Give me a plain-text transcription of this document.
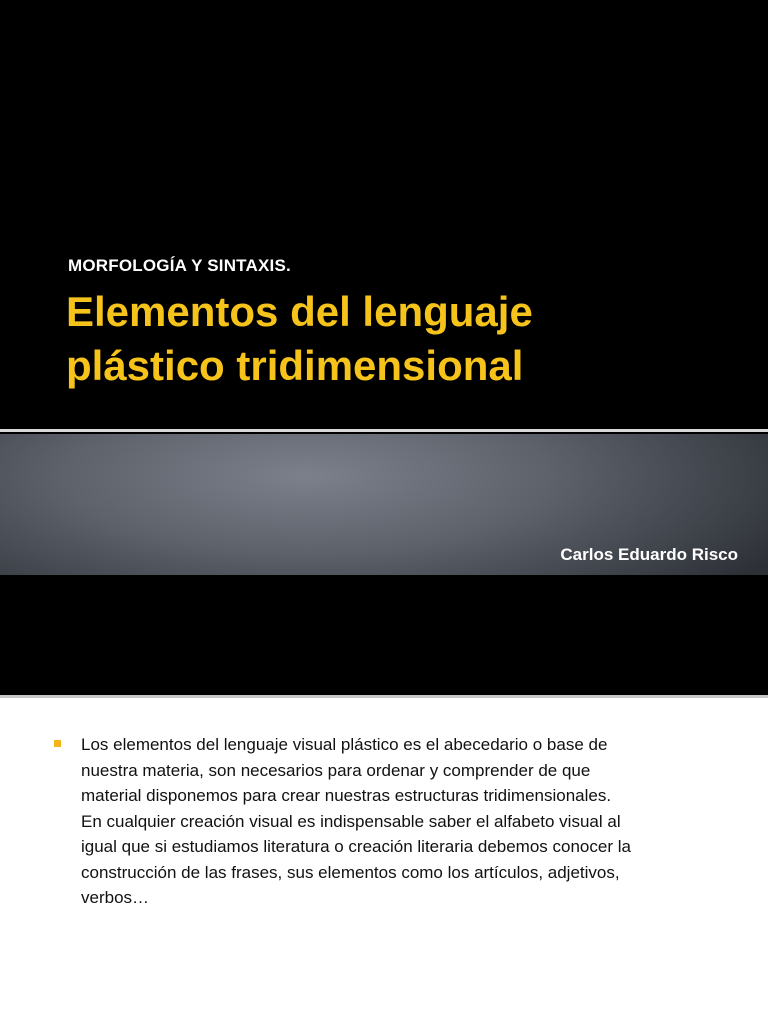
MORFOLOGÍA Y SINTAXIS.
Elementos del lenguaje
plástico tridimensional
Carlos Eduardo Risco

Los elementos del lenguaje visual plástico es el abecedario o base de
nuestra materia, son necesarios para ordenar y comprender de que
material disponemos para crear nuestras estructuras tridimensionales.
En cualquier creación visual es indispensable saber el alfabeto visual al
igual que si estudiamos literatura o creación literaria debemos conocer la
construcción de las frases, sus elementos como los artículos, adjetivos,
verbos…
